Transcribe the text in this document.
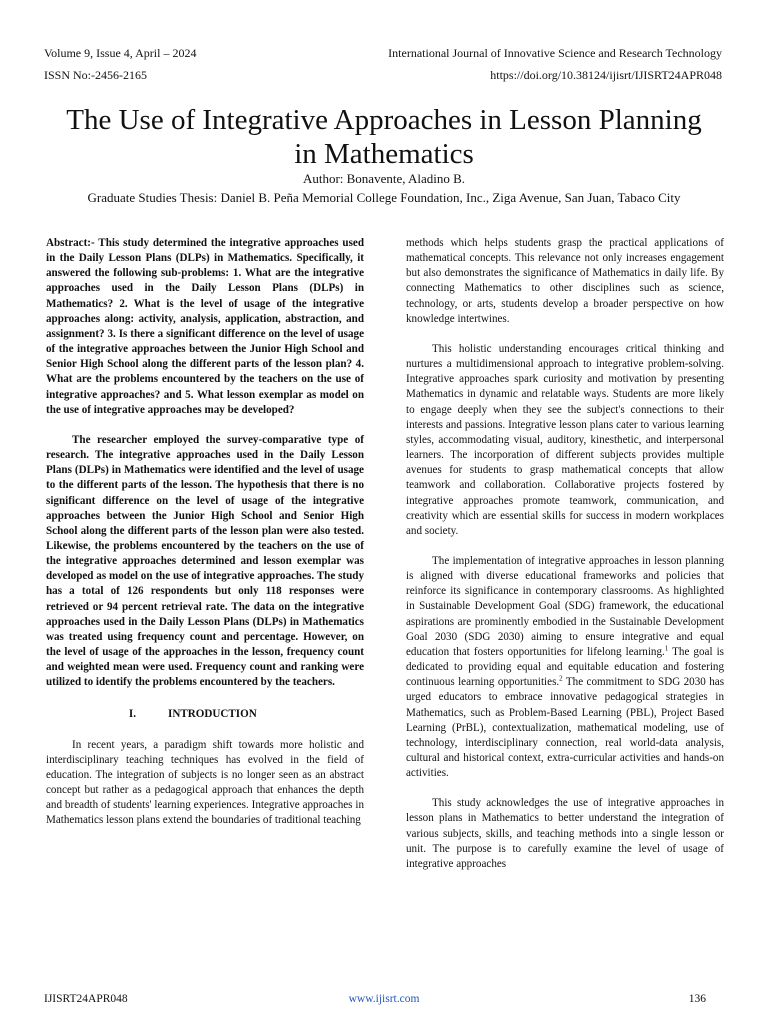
Volume 9, Issue 4, April – 2024	International Journal of Innovative Science and Research Technology
ISSN No:-2456-2165	https://doi.org/10.38124/ijisrt/IJISRT24APR048
The Use of Integrative Approaches in Lesson Planning in Mathematics
Author: Bonavente, Aladino B.
Graduate Studies Thesis: Daniel B. Peña Memorial College Foundation, Inc., Ziga Avenue, San Juan, Tabaco City

Abstract:- This study determined the integrative approaches used in the Daily Lesson Plans (DLPs) in Mathematics. Specifically, it answered the following sub-problems: 1. What are the integrative approaches used in the Daily Lesson Plans (DLPs) in Mathematics? 2. What is the level of usage of the integrative approaches along: activity, analysis, application, abstraction, and assignment? 3. Is there a significant difference on the level of usage of the integrative approaches between the Junior High School and Senior High School along the different parts of the lesson plan? 4. What are the problems encountered by the teachers on the use of integrative approaches? and 5. What lesson exemplar as model on the use of integrative approaches may be developed?

The researcher employed the survey-comparative type of research. The integrative approaches used in the Daily Lesson Plans (DLPs) in Mathematics were identified and the level of usage to the different parts of the lesson. The hypothesis that there is no significant difference on the level of usage of the integrative approaches between the Junior High School and Senior High School along the different parts of the lesson plan were also tested. Likewise, the problems encountered by the teachers on the use of the integrative approaches determined and lesson exemplar was developed as model on the use of integrative approaches. The study has a total of 126 respondents but only 118 responses were retrieved or 94 percent retrieval rate. The data on the integrative approaches used in the Daily Lesson Plans (DLPs) in Mathematics was treated using frequency count and percentage. However, on the level of usage of the approaches in the lesson, frequency count and weighted mean were used. Frequency count and ranking were utilized to identify the problems encountered by the teachers.

I.	INTRODUCTION

In recent years, a paradigm shift towards more holistic and interdisciplinary teaching techniques has evolved in the field of education. The integration of subjects is no longer seen as an abstract concept but rather as a pedagogical approach that enhances the depth and breadth of students' learning experiences. Integrative approaches in Mathematics lesson plans extend the boundaries of traditional teaching

methods which helps students grasp the practical applications of mathematical concepts. This relevance not only increases engagement but also demonstrates the significance of Mathematics in daily life. By connecting Mathematics to other disciplines such as science, technology, or arts, students develop a broader perspective on how knowledge intertwines.

This holistic understanding encourages critical thinking and nurtures a multidimensional approach to integrative problem-solving. Integrative approaches spark curiosity and motivation by presenting Mathematics in dynamic and relatable ways. Students are more likely to engage deeply when they see the subject's connections to their interests and passions. Integrative lesson plans cater to various learning styles, accommodating visual, auditory, kinesthetic, and interpersonal learners. The incorporation of different subjects provides multiple avenues for students to grasp mathematical concepts that allow teamwork and collaboration. Collaborative projects fostered by integrative approaches promote teamwork, communication, and creativity which are essential skills for success in modern workplaces and society.

The implementation of integrative approaches in lesson planning is aligned with diverse educational frameworks and policies that reinforce its significance in contemporary classrooms. As highlighted in Sustainable Development Goal (SDG) framework, the educational aspirations are prominently embodied in the Sustainable Development Goal 2030 (SDG 2030) aiming to ensure integrative and equal education that fosters opportunities for lifelong learning.$^1$ The goal is dedicated to providing equal and equitable education and fostering continuous learning opportunities.$^2$ The commitment to SDG 2030 has urged educators to embrace innovative pedagogical strategies in Mathematics, such as Problem-Based Learning (PBL), Project Based Learning (PrBL), contextualization, mathematical modeling, use of technology, interdisciplinary connection, real world-data analysis, cultural and historical context, extra-curricular activities and hands-on activities.

This study acknowledges the use of integrative approaches in lesson plans in Mathematics to better understand the integration of various subjects, skills, and teaching methods into a single lesson or unit. The purpose is to carefully examine the level of usage of integrative approaches

IJISRT24APR048	www.ijisrt.com	136
